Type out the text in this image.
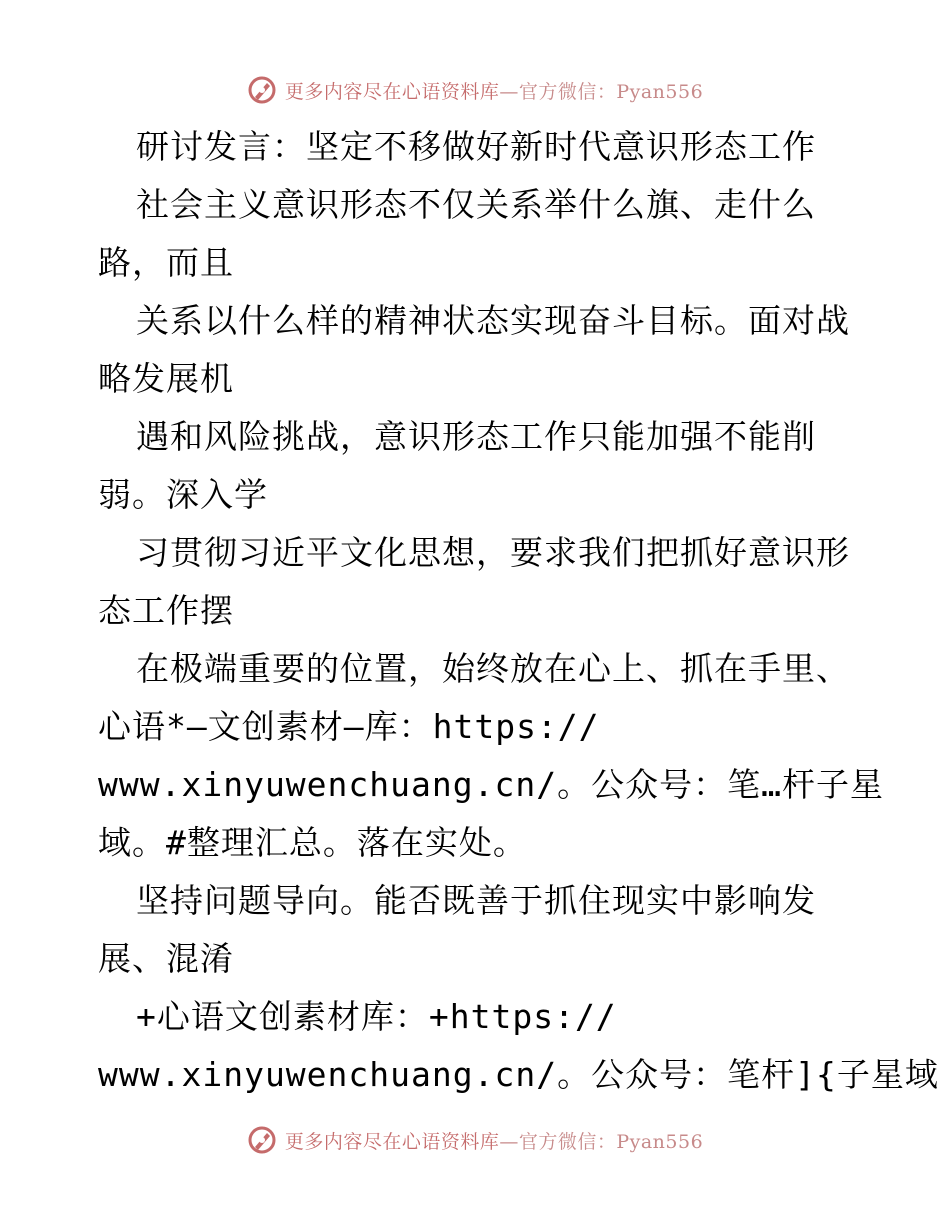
更多内容尽在心语资料库—官方微信：Pyan556
研讨发言：坚定不移做好新时代意识形态工作
社会主义意识形态不仅关系举什么旗、走什么
路，而且
关系以什么样的精神状态实现奋斗目标。面对战
略发展机
遇和风险挑战，意识形态工作只能加强不能削
弱。深入学
习贯彻习近平文化思想，要求我们把抓好意识形
态工作摆
在极端重要的位置，始终放在心上、抓在手里、
心语*—文创素材—库：https://
www.xinyuwenchuang.cn/。公众号：笔…杆子星
域。#整理汇总。落在实处。
坚持问题导向。能否既善于抓住现实中影响发
展、混淆
+心语文创素材库：+https://
www.xinyuwenchuang.cn/。公众号：笔杆]{子星域
更多内容尽在心语资料库—官方微信：Pyan556
